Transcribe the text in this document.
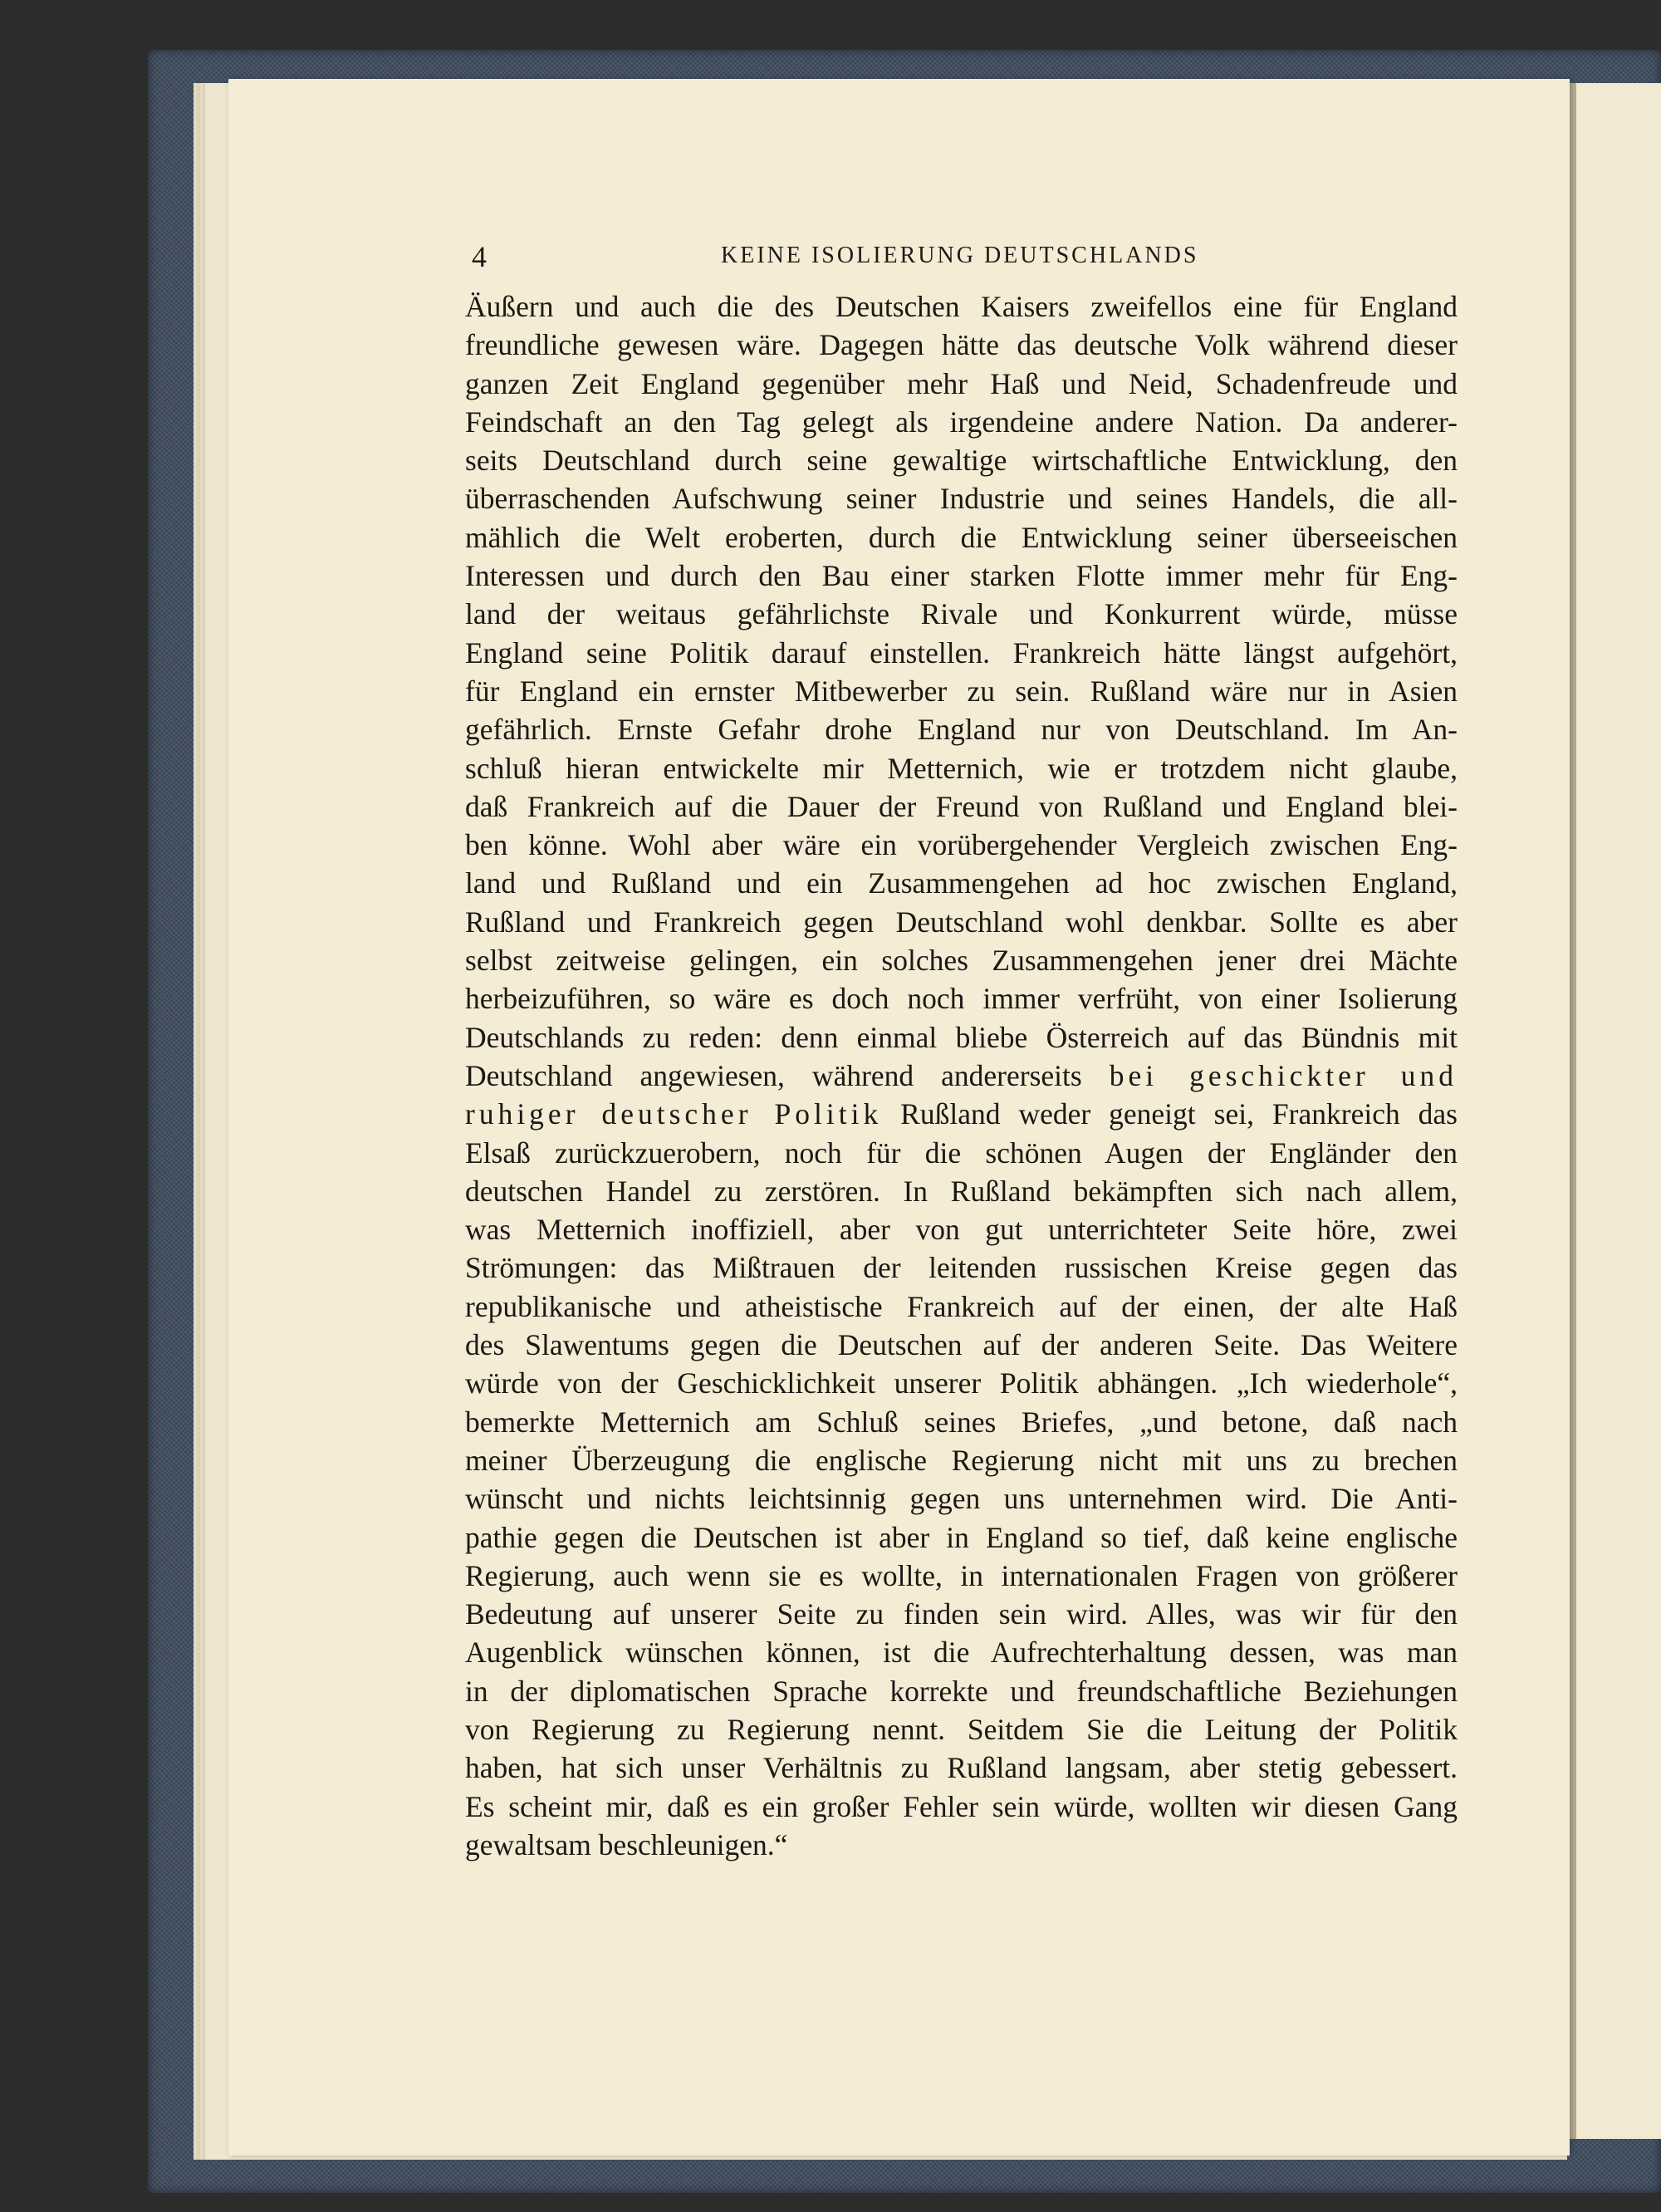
4	KEINE ISOLIERUNG DEUTSCHLANDS
Äußern und auch die des Deutschen Kaisers zweifellos eine für England
freundliche gewesen wäre. Dagegen hätte das deutsche Volk während dieser
ganzen Zeit England gegenüber mehr Haß und Neid, Schadenfreude und
Feindschaft an den Tag gelegt als irgendeine andere Nation. Da anderer-
seits Deutschland durch seine gewaltige wirtschaftliche Entwicklung, den
überraschenden Aufschwung seiner Industrie und seines Handels, die all-
mählich die Welt eroberten, durch die Entwicklung seiner überseeischen
Interessen und durch den Bau einer starken Flotte immer mehr für Eng-
land der weitaus gefährlichste Rivale und Konkurrent würde, müsse
England seine Politik darauf einstellen. Frankreich hätte längst aufgehört,
für England ein ernster Mitbewerber zu sein. Rußland wäre nur in Asien
gefährlich. Ernste Gefahr drohe England nur von Deutschland. Im An-
schluß hieran entwickelte mir Metternich, wie er trotzdem nicht glaube,
daß Frankreich auf die Dauer der Freund von Rußland und England blei-
ben könne. Wohl aber wäre ein vorübergehender Vergleich zwischen Eng-
land und Rußland und ein Zusammengehen ad hoc zwischen England,
Rußland und Frankreich gegen Deutschland wohl denkbar. Sollte es aber
selbst zeitweise gelingen, ein solches Zusammengehen jener drei Mächte
herbeizuführen, so wäre es doch noch immer verfrüht, von einer Isolierung
Deutschlands zu reden: denn einmal bliebe Österreich auf das Bündnis mit
Deutschland angewiesen, während andererseits bei geschickter und
ruhiger deutscher Politik Rußland weder geneigt sei, Frankreich das
Elsaß zurückzuerobern, noch für die schönen Augen der Engländer den
deutschen Handel zu zerstören. In Rußland bekämpften sich nach allem,
was Metternich inoffiziell, aber von gut unterrichteter Seite höre, zwei
Strömungen: das Mißtrauen der leitenden russischen Kreise gegen das
republikanische und atheistische Frankreich auf der einen, der alte Haß
des Slawentums gegen die Deutschen auf der anderen Seite. Das Weitere
würde von der Geschicklichkeit unserer Politik abhängen. „Ich wiederhole“,
bemerkte Metternich am Schluß seines Briefes, „und betone, daß nach
meiner Überzeugung die englische Regierung nicht mit uns zu brechen
wünscht und nichts leichtsinnig gegen uns unternehmen wird. Die Anti-
pathie gegen die Deutschen ist aber in England so tief, daß keine englische
Regierung, auch wenn sie es wollte, in internationalen Fragen von größerer
Bedeutung auf unserer Seite zu finden sein wird. Alles, was wir für den
Augenblick wünschen können, ist die Aufrechterhaltung dessen, was man
in der diplomatischen Sprache korrekte und freundschaftliche Beziehungen
von Regierung zu Regierung nennt. Seitdem Sie die Leitung der Politik
haben, hat sich unser Verhältnis zu Rußland langsam, aber stetig gebessert.
Es scheint mir, daß es ein großer Fehler sein würde, wollten wir diesen Gang
gewaltsam beschleunigen.“
